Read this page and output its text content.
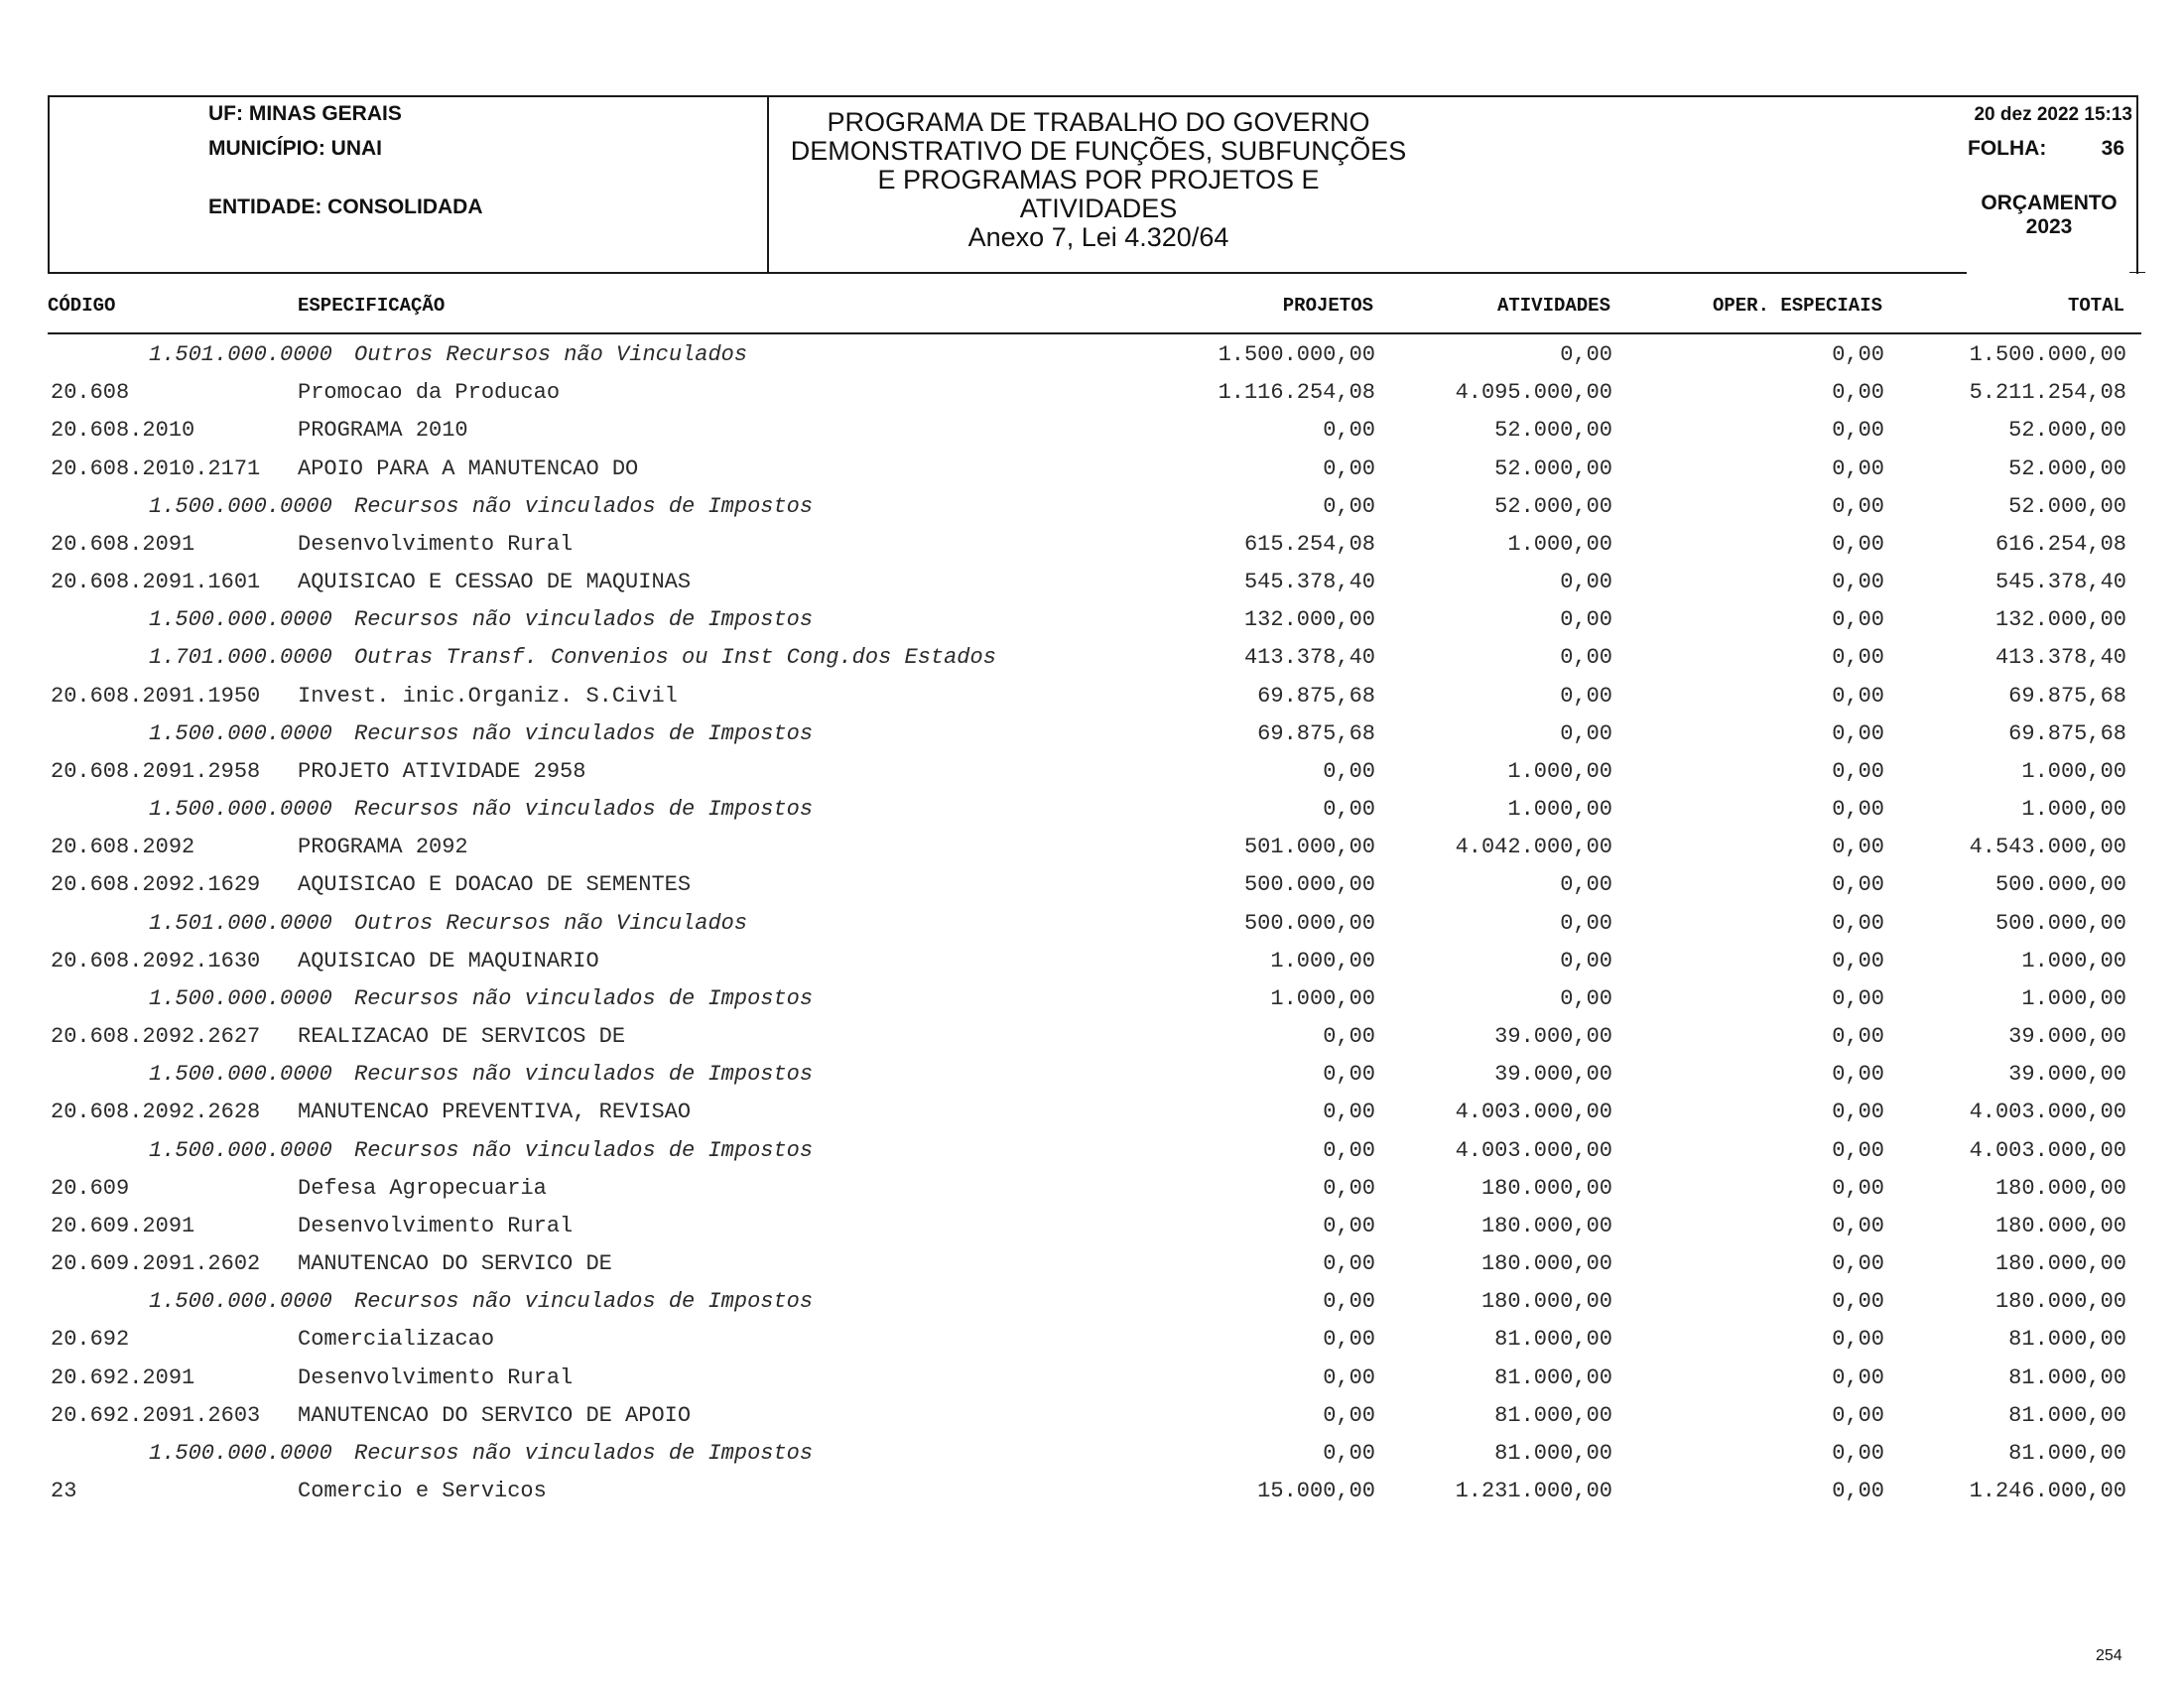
UF: MINAS GERAIS
MUNICÍPIO: UNAI
ENTIDADE: CONSOLIDADA
PROGRAMA DE TRABALHO DO GOVERNO
DEMONSTRATIVO DE FUNÇÕES, SUBFUNÇÕES
E PROGRAMAS POR PROJETOS E
ATIVIDADES
Anexo 7, Lei 4.320/64
20 dez 2022 15:13
FOLHA:	36
ORÇAMENTO
2023
CÓDIGO	ESPECIFICAÇÃO	PROJETOS	ATIVIDADES	OPER. ESPECIAIS	TOTAL
1.501.000.0000 Outros Recursos não Vinculados	1.500.000,00	0,00	0,00	1.500.000,00
20.608	Promocao da Producao	1.116.254,08	4.095.000,00	0,00	5.211.254,08
20.608.2010	PROGRAMA 2010	0,00	52.000,00	0,00	52.000,00
20.608.2010.2171 APOIO PARA A MANUTENCAO DO	0,00	52.000,00	0,00	52.000,00
1.500.000.0000 Recursos não vinculados de Impostos	0,00	52.000,00	0,00	52.000,00
20.608.2091	Desenvolvimento Rural	615.254,08	1.000,00	0,00	616.254,08
20.608.2091.1601 AQUISICAO E CESSAO DE MAQUINAS	545.378,40	0,00	0,00	545.378,40
1.500.000.0000 Recursos não vinculados de Impostos	132.000,00	0,00	0,00	132.000,00
1.701.000.0000 Outras Transf. Convenios ou Inst Cong.dos Estados	413.378,40	0,00	0,00	413.378,40
20.608.2091.1950 Invest. inic.Organiz. S.Civil	69.875,68	0,00	0,00	69.875,68
1.500.000.0000 Recursos não vinculados de Impostos	69.875,68	0,00	0,00	69.875,68
20.608.2091.2958 PROJETO ATIVIDADE 2958	0,00	1.000,00	0,00	1.000,00
1.500.000.0000 Recursos não vinculados de Impostos	0,00	1.000,00	0,00	1.000,00
20.608.2092	PROGRAMA 2092	501.000,00	4.042.000,00	0,00	4.543.000,00
20.608.2092.1629 AQUISICAO E DOACAO DE SEMENTES	500.000,00	0,00	0,00	500.000,00
1.501.000.0000 Outros Recursos não Vinculados	500.000,00	0,00	0,00	500.000,00
20.608.2092.1630 AQUISICAO DE MAQUINARIO	1.000,00	0,00	0,00	1.000,00
1.500.000.0000 Recursos não vinculados de Impostos	1.000,00	0,00	0,00	1.000,00
20.608.2092.2627 REALIZACAO DE SERVICOS DE	0,00	39.000,00	0,00	39.000,00
1.500.000.0000 Recursos não vinculados de Impostos	0,00	39.000,00	0,00	39.000,00
20.608.2092.2628 MANUTENCAO PREVENTIVA, REVISAO	0,00	4.003.000,00	0,00	4.003.000,00
1.500.000.0000 Recursos não vinculados de Impostos	0,00	4.003.000,00	0,00	4.003.000,00
20.609	Defesa Agropecuaria	0,00	180.000,00	0,00	180.000,00
20.609.2091	Desenvolvimento Rural	0,00	180.000,00	0,00	180.000,00
20.609.2091.2602 MANUTENCAO DO SERVICO DE	0,00	180.000,00	0,00	180.000,00
1.500.000.0000 Recursos não vinculados de Impostos	0,00	180.000,00	0,00	180.000,00
20.692	Comercializacao	0,00	81.000,00	0,00	81.000,00
20.692.2091	Desenvolvimento Rural	0,00	81.000,00	0,00	81.000,00
20.692.2091.2603 MANUTENCAO DO SERVICO DE APOIO	0,00	81.000,00	0,00	81.000,00
1.500.000.0000 Recursos não vinculados de Impostos	0,00	81.000,00	0,00	81.000,00
23	Comercio e Servicos	15.000,00	1.231.000,00	0,00	1.246.000,00
254
